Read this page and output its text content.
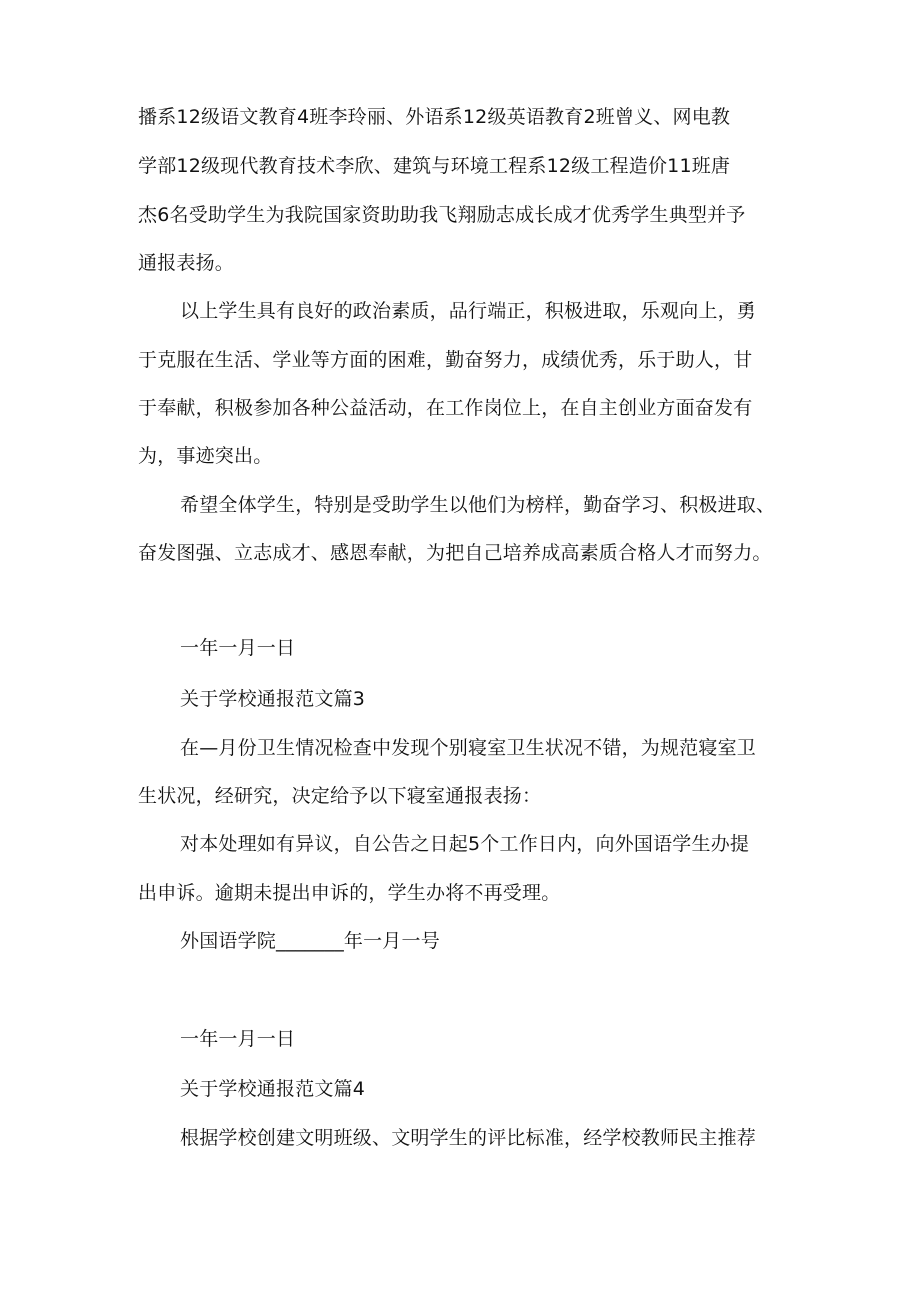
播系12级语文教育4班李玲丽、外语系12级英语教育2班曾义、网电教
学部12级现代教育技术李欣、建筑与环境工程系12级工程造价11班唐
杰6名受助学生为我院国家资助助我飞翔励志成长成才优秀学生典型并予
通报表扬。
以上学生具有良好的政治素质，品行端正，积极进取，乐观向上，勇
于克服在生活、学业等方面的困难，勤奋努力，成绩优秀，乐于助人，甘
于奉献，积极参加各种公益活动，在工作岗位上，在自主创业方面奋发有
为，事迹突出。
希望全体学生，特别是受助学生以他们为榜样，勤奋学习、积极进取、
奋发图强、立志成才、感恩奉献，为把自己培养成高素质合格人才而努力。
一年一月一日
关于学校通报范文篇3
在—月份卫生情况检查中发现个别寝室卫生状况不错，为规范寝室卫
生状况，经研究，决定给予以下寝室通报表扬：
对本处理如有异议，自公告之日起5个工作日内，向外国语学生办提
出申诉。逾期未提出申诉的，学生办将不再受理。
外国语学院_______年一月一号
一年一月一日
关于学校通报范文篇4
根据学校创建文明班级、文明学生的评比标准，经学校教师民主推荐
